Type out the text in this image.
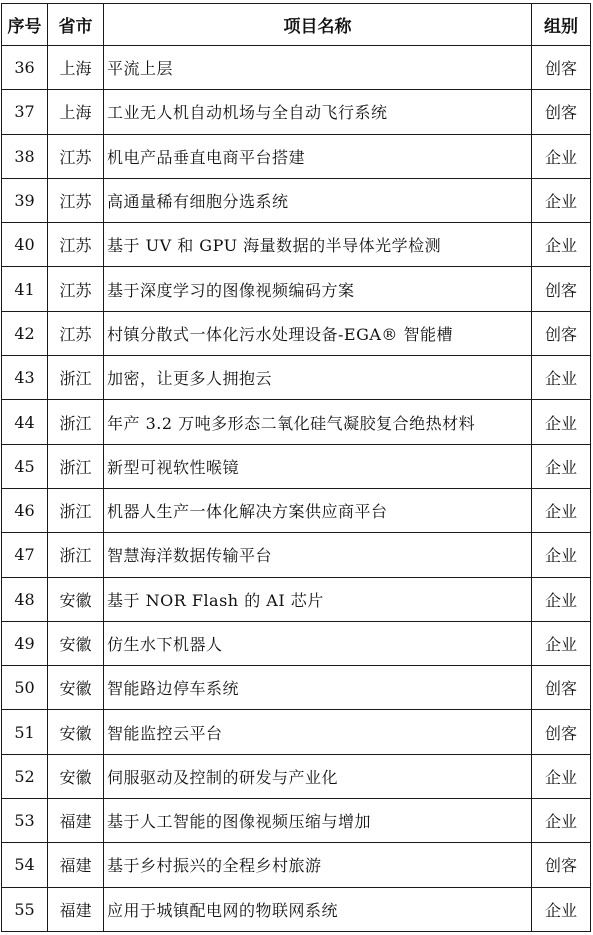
序号	省市	项目名称	组别
36	上海	平流上层	创客
37	上海	工业无人机自动机场与全自动飞行系统	创客
38	江苏	机电产品垂直电商平台搭建	企业
39	江苏	高通量稀有细胞分选系统	企业
40	江苏	基于 UV 和 GPU 海量数据的半导体光学检测	企业
41	江苏	基于深度学习的图像视频编码方案	创客
42	江苏	村镇分散式一体化污水处理设备-EGA® 智能槽	创客
43	浙江	加密，让更多人拥抱云	企业
44	浙江	年产 3.2 万吨多形态二氧化硅气凝胶复合绝热材料	企业
45	浙江	新型可视软性喉镜	企业
46	浙江	机器人生产一体化解决方案供应商平台	企业
47	浙江	智慧海洋数据传输平台	企业
48	安徽	基于 NOR Flash 的 AI 芯片	企业
49	安徽	仿生水下机器人	企业
50	安徽	智能路边停车系统	创客
51	安徽	智能监控云平台	创客
52	安徽	伺服驱动及控制的研发与产业化	企业
53	福建	基于人工智能的图像视频压缩与增加	企业
54	福建	基于乡村振兴的全程乡村旅游	创客
55	福建	应用于城镇配电网的物联网系统	企业
